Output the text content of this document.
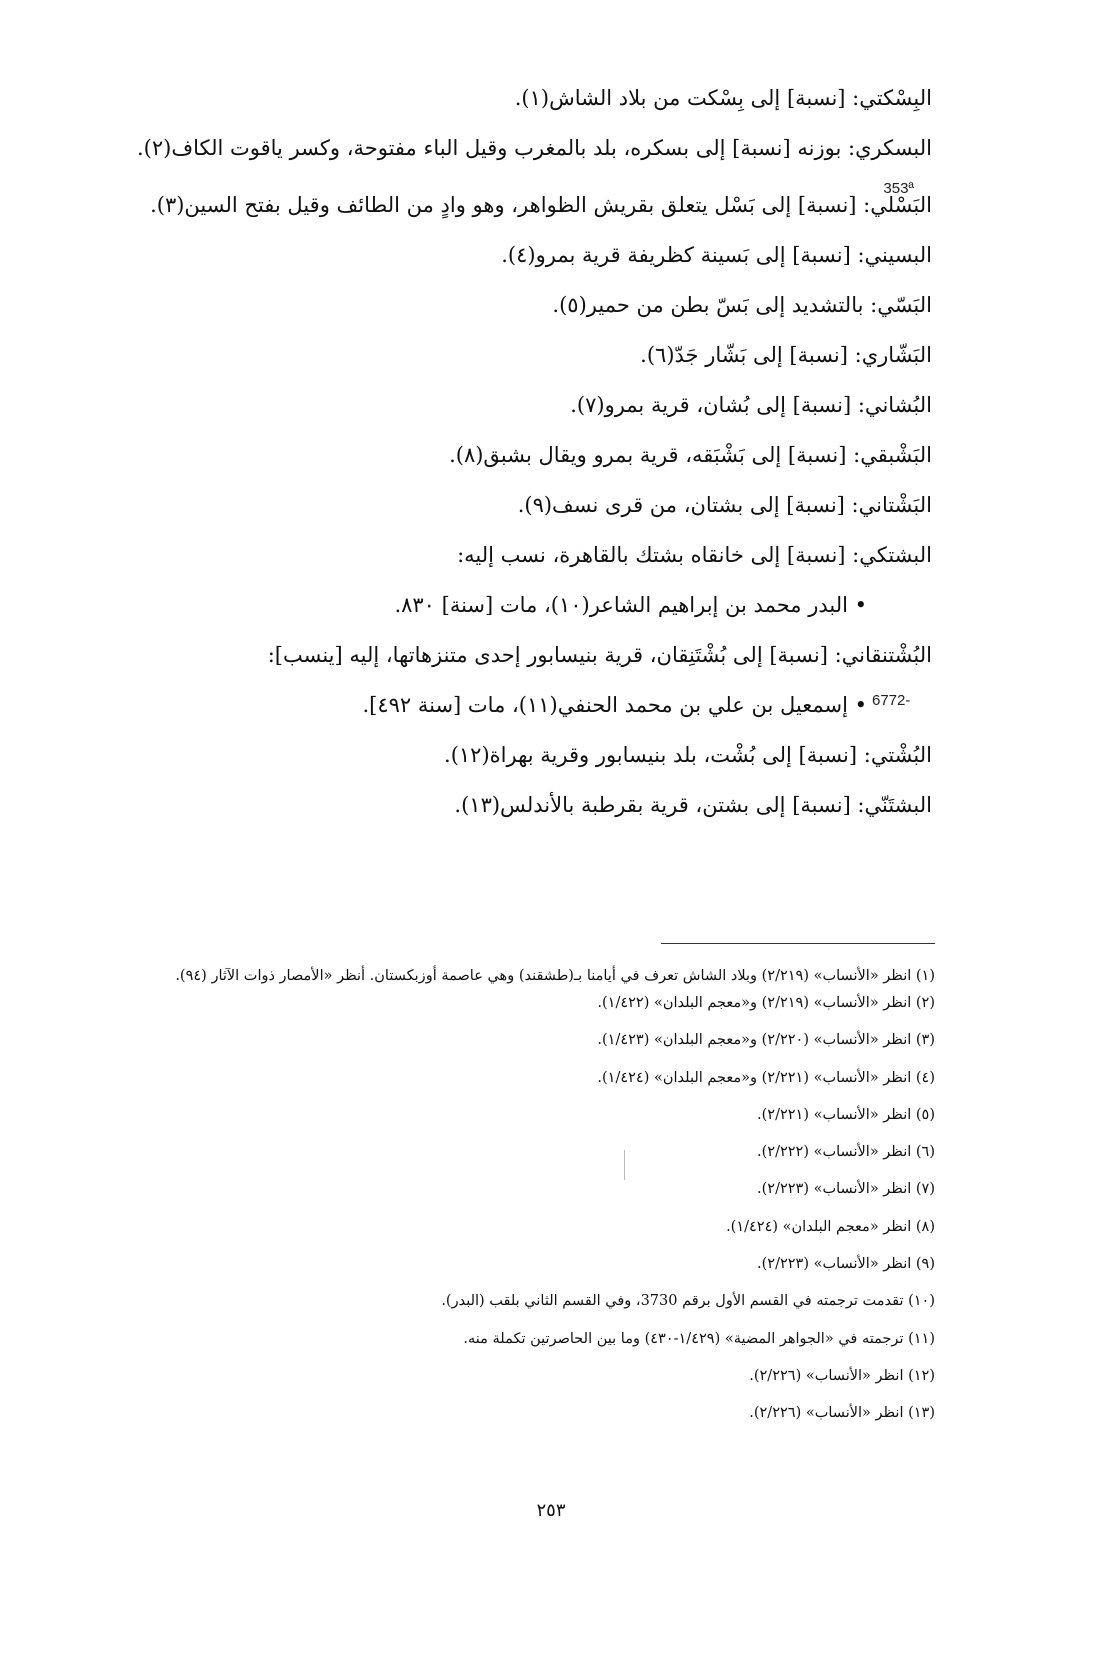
353ª
6772-
البِسْكتي: [نسبة] إلى بِسْكت من بلاد الشاش(١).
البسكري: بوزنه [نسبة] إلى بسكره، بلد بالمغرب وقيل الباء مفتوحة، وكسر ياقوت الكاف(٢).
البَسْلي: [نسبة] إلى بَسْل يتعلق بقريش الظواهر، وهو وادٍ من الطائف وقيل بفتح السين(٣).
البسيني: [نسبة] إلى بَسينة كظريفة قرية بمرو(٤).
البَسّي: بالتشديد إلى بَسّ بطن من حمير(٥).
البَشّاري: [نسبة] إلى بَشّار جَدّ(٦).
البُشاني: [نسبة] إلى بُشان، قرية بمرو(٧).
البَشْبقي: [نسبة] إلى بَشْبَقه، قرية بمرو ويقال بشبق(٨).
البَشْتاني: [نسبة] إلى بشتان، من قرى نسف(٩).
البشتكي: [نسبة] إلى خانقاه بشتك بالقاهرة، نسب إليه:
• البدر محمد بن إبراهيم الشاعر(١٠)، مات [سنة] ٨٣٠.
البُشْتنقاني: [نسبة] إلى بُشْتَنِقان، قرية بنيسابور إحدى متنزهاتها، إليه [ينسب]:
• إسمعيل بن علي بن محمد الحنفي(١١)، مات [سنة ٤٩٢].
البُشْتي: [نسبة] إلى بُشْت، بلد بنيسابور وقرية بهراة(١٢).
البشتَنّي: [نسبة] إلى بشتن، قرية بقرطبة بالأندلس(١٣).
(١) انظر «الأنساب» (٢/٢١٩) وبلاد الشاش تعرف في أيامنا بـ(طشقند) وهي عاصمة أوزبكستان. أنظر «الأمصار ذوات الآثار (٩٤).
(٢) انظر «الأنساب» (٢/٢١٩) و«معجم البلدان» (١/٤٢٢).
(٣) انظر «الأنساب» (٢/٢٢٠) و«معجم البلدان» (١/٤٢٣).
(٤) انظر «الأنساب» (٢/٢٢١) و«معجم البلدان» (١/٤٢٤).
(٥) انظر «الأنساب» (٢/٢٢١).
(٦) انظر «الأنساب» (٢/٢٢٢).
(٧) انظر «الأنساب» (٢/٢٢٣).
(٨) انظر «معجم البلدان» (١/٤٢٤).
(٩) انظر «الأنساب» (٢/٢٢٣).
(١٠) تقدمت ترجمته في القسم الأول برقم 3730، وفي القسم الثاني بلقب (البدر).
(١١) ترجمته في «الجواهر المضية» (١/٤٢٩-٤٣٠) وما بين الحاصرتين تكملة منه.
(١٢) انظر «الأنساب» (٢/٢٢٦).
(١٣) انظر «الأنساب» (٢/٢٢٦).
٢٥٣
